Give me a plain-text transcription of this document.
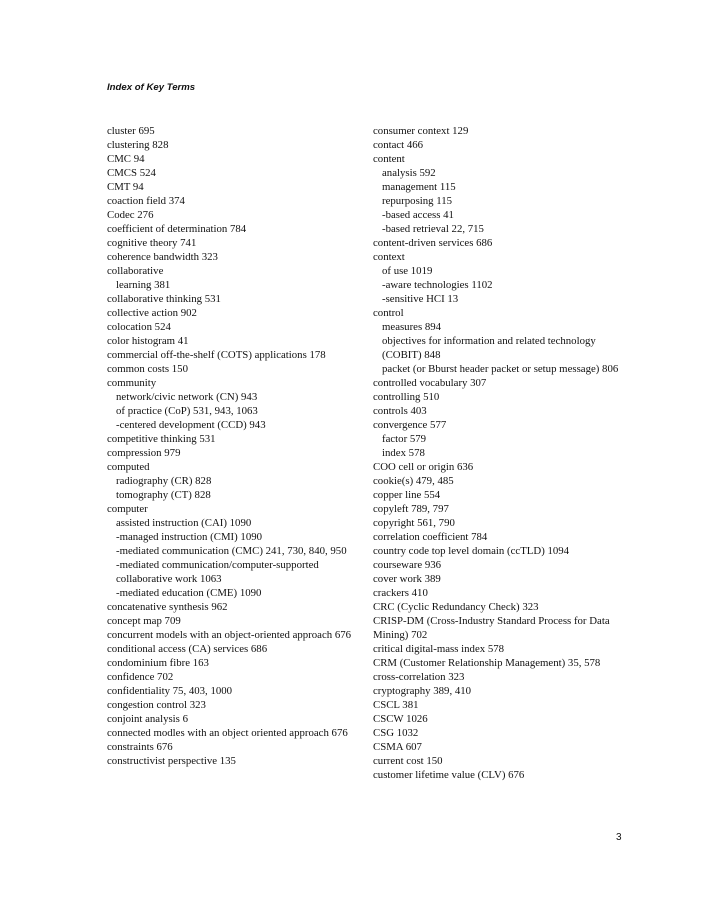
Index of Key Terms
cluster 695
clustering 828
CMC 94
CMCS 524
CMT 94
coaction field 374
Codec 276
coefficient of determination 784
cognitive theory 741
coherence bandwidth 323
collaborative
learning 381
collaborative thinking 531
collective action 902
colocation 524
color histogram 41
commercial off-the-shelf (COTS) applications 178
common costs 150
community
network/civic network (CN) 943
of practice (CoP) 531, 943, 1063
-centered development (CCD) 943
competitive thinking 531
compression 979
computed
radiography (CR) 828
tomography (CT) 828
computer
assisted instruction (CAI) 1090
-managed instruction (CMI) 1090
-mediated communication (CMC) 241, 730, 840, 950
-mediated communication/computer-supported collaborative work 1063
-mediated education (CME) 1090
concatenative synthesis 962
concept map 709
concurrent models with an object-oriented approach 676
conditional access (CA) services 686
condominium fibre 163
confidence 702
confidentiality 75, 403, 1000
congestion control 323
conjoint analysis 6
connected modles with an object oriented approach 676
constraints 676
constructivist perspective 135
consumer context 129
contact 466
content
analysis 592
management 115
repurposing 115
-based access 41
-based retrieval 22, 715
content-driven services 686
context
of use 1019
-aware technologies 1102
-sensitive HCI 13
control
measures 894
objectives for information and related technology (COBIT) 848
packet (or Bburst header packet or setup message) 806
controlled vocabulary 307
controlling 510
controls 403
convergence 577
factor 579
index 578
COO cell or origin 636
cookie(s) 479, 485
copper line 554
copyleft 789, 797
copyright 561, 790
correlation coefficient 784
country code top level domain (ccTLD) 1094
courseware 936
cover work 389
crackers 410
CRC (Cyclic Redundancy Check) 323
CRISP-DM (Cross-Industry Standard Process for Data Mining) 702
critical digital-mass index 578
CRM (Customer Relationship Management) 35, 578
cross-correlation 323
cryptography 389, 410
CSCL 381
CSCW 1026
CSG 1032
CSMA 607
current cost 150
customer lifetime value (CLV) 676
3
